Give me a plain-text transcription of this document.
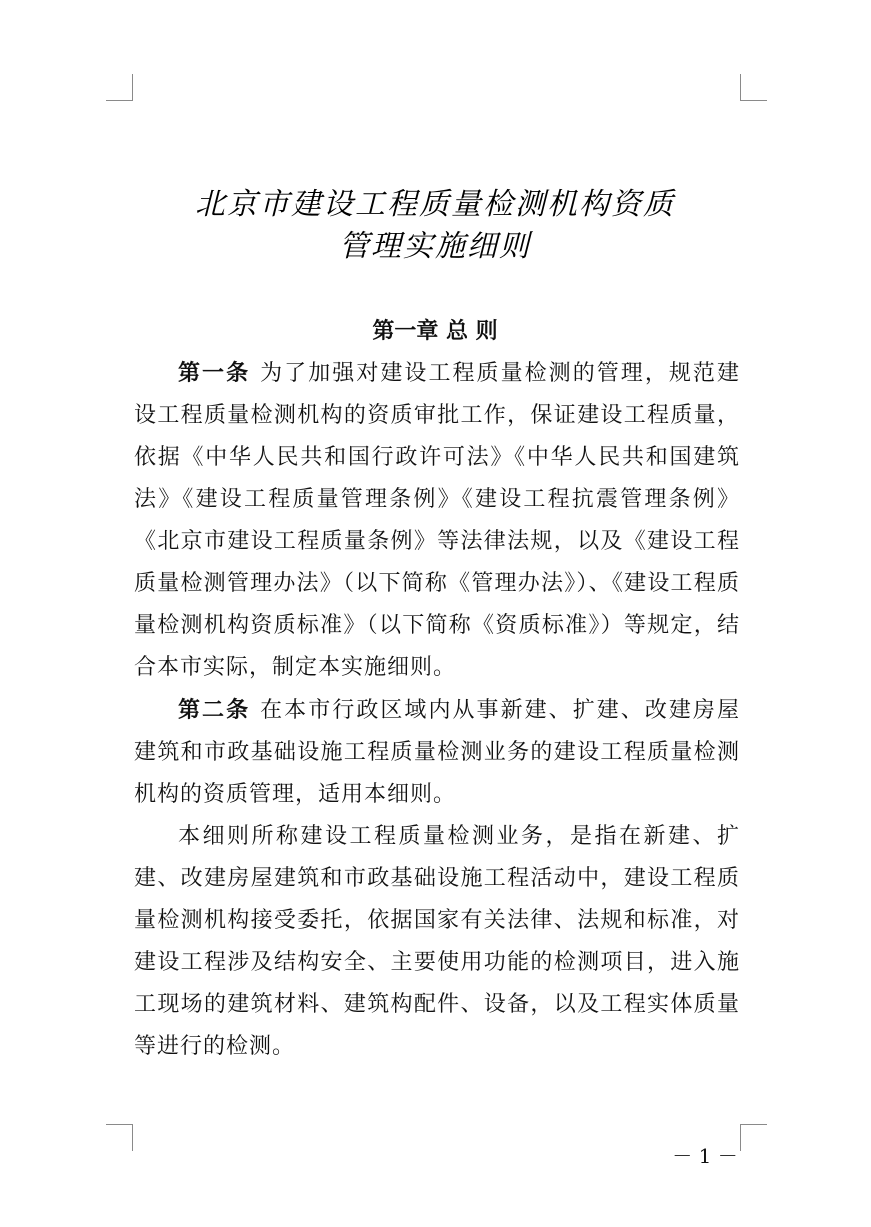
北京市建设工程质量检测机构资质
管理实施细则
第一章 总 则

第一条 为了加强对建设工程质量检测的管理，规范建设工程质量检测机构的资质审批工作，保证建设工程质量，依据《中华人民共和国行政许可法》《中华人民共和国建筑法》《建设工程质量管理条例》《建设工程抗震管理条例》《北京市建设工程质量条例》等法律法规，以及《建设工程质量检测管理办法》（以下简称《管理办法》）、《建设工程质量检测机构资质标准》（以下简称《资质标准》）等规定，结合本市实际，制定本实施细则。

第二条 在本市行政区域内从事新建、扩建、改建房屋建筑和市政基础设施工程质量检测业务的建设工程质量检测机构的资质管理，适用本细则。

本细则所称建设工程质量检测业务，是指在新建、扩建、改建房屋建筑和市政基础设施工程活动中，建设工程质量检测机构接受委托，依据国家有关法律、法规和标准，对建设工程涉及结构安全、主要使用功能的检测项目，进入施工现场的建筑材料、建筑构配件、设备，以及工程实体质量等进行的检测。

－ 1 －
